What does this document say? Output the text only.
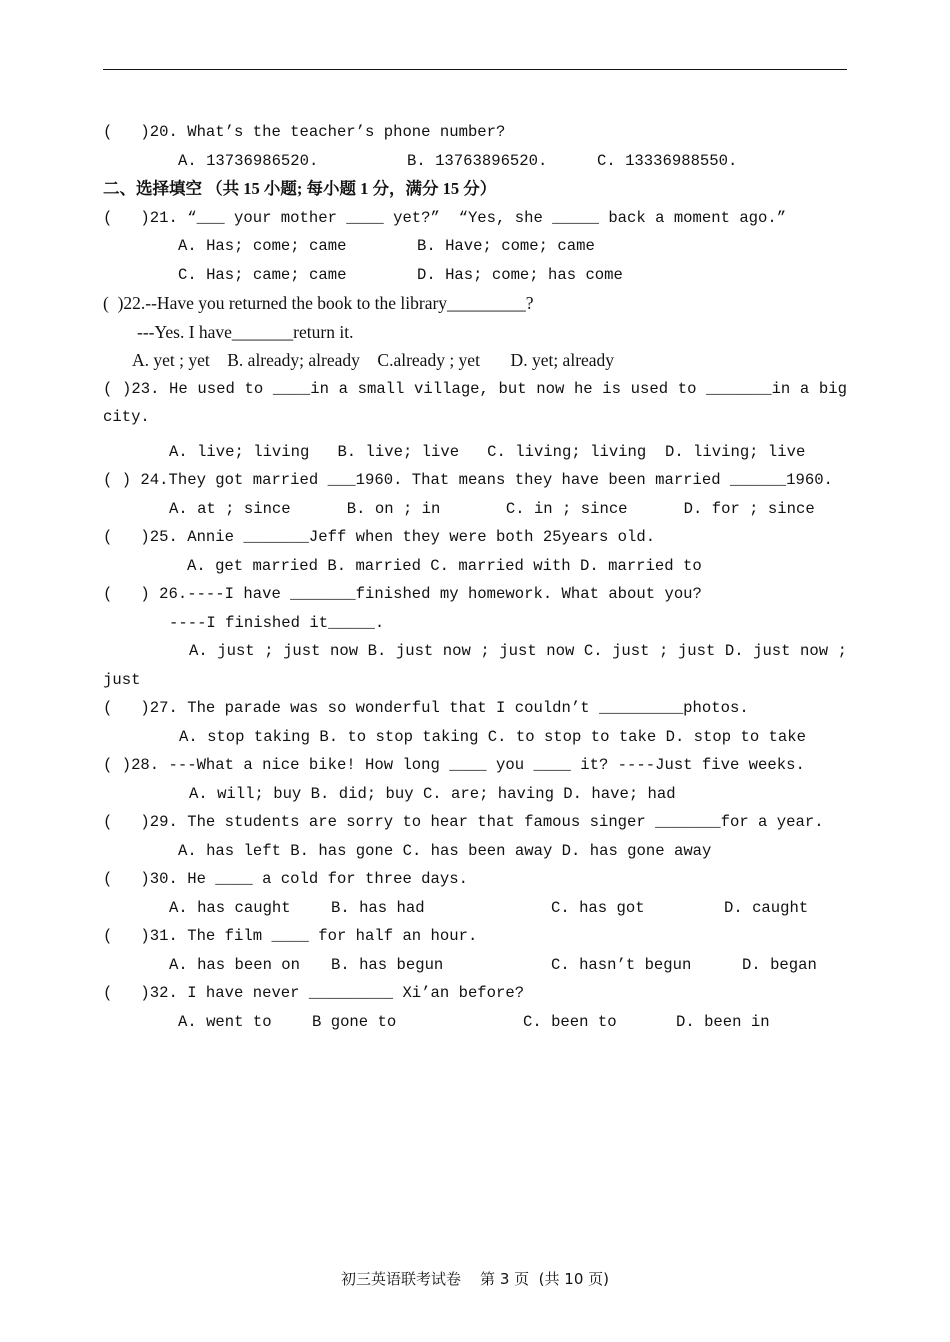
(   )20. What’s the teacher’s phone number?
A. 13736986520.	B. 13763896520.	C. 13336988550.
二、选择填空 （共 15 小题; 每小题 1 分，满分 15 分）
(   )21. “___ your mother ____ yet?”  “Yes, she _____ back a moment ago.”
A. Has; come; came	B. Have; come; came
C. Has; came; came	D. Has; come; has come
(  )22.--Have you returned the book to the library_________?
---Yes. I have_______return it.
A. yet ; yet    B. already; already    C.already ; yet       D. yet; already
( )23. He used to ____in a small village, but now he is used to _______in a big city.
A. live; living   B. live; live   C. living; living  D. living; live
( ) 24.They got married ___1960. That means they have been married ______1960.
A. at ; since      B. on ; in       C. in ; since      D. for ; since
(   )25. Annie _______Jeff when they were both 25years old.
A. get married B. married C. married with D. married to
(   ) 26.----I have _______finished my homework. What about you?
----I finished it_____.
A. just ; just now B. just now ; just now C. just ; just D. just now ; just
(   )27. The parade was so wonderful that I couldn’t _________photos.
A. stop taking B. to stop taking C. to stop to take D. stop to take
( )28. ---What a nice bike! How long ____ you ____ it? ----Just five weeks.
A. will; buy B. did; buy C. are; having D. have; had
(   )29. The students are sorry to hear that famous singer _______for a year.
A. has left B. has gone C. has been away D. has gone away
(   )30. He ____ a cold for three days.
A. has caught	B. has had	C. has got	D. caught
(   )31. The film ____ for half an hour.
A. has been on	B. has begun	C. hasn’t begun	D. began
(   )32. I have never _________ Xi’an before?
A. went to	B gone to	C. been to	D. been in
初三英语联考试卷    第 3 页  (共 10 页)
